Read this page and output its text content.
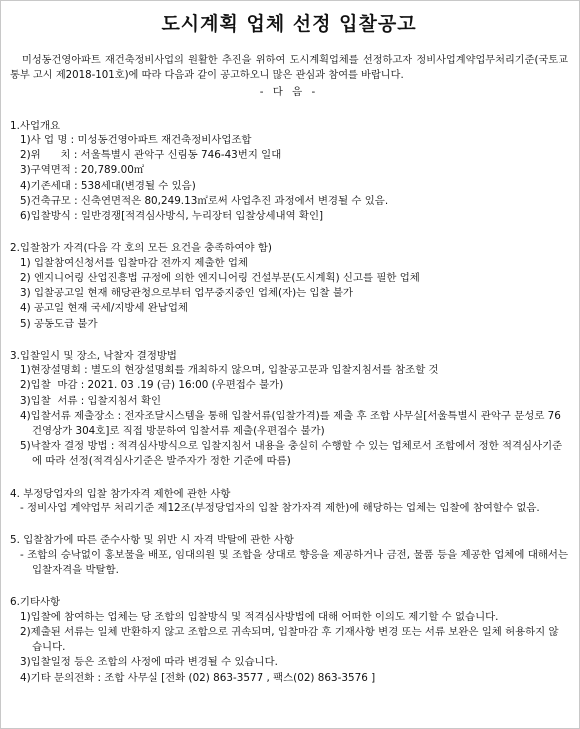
도시계획 업체 선정 입찰공고
미성동건영아파트 재건축정비사업의 원활한 추진을 위하여 도시계획업체를 선정하고자 정비사업계약업무처리기준(국토교통부 고시 제2018-101호)에 따라 다음과 같이 공고하오니 많은 관심과 참여를 바랍니다.
- 다 음 -
1.사업개요
1)사 업 명 : 미성동건영아파트 재건축정비사업조합
2)위      치 : 서울특별시 관악구 신림동 746-43번지 일대
3)구역면적 : 20,789.00㎡
4)기존세대 : 538세대(변경될 수 있음)
5)건축규모 : 신축연면적은 80,249.13㎡로써 사업추진 과정에서 변경될 수 있음.
6)입찰방식 : 일반경쟁[적격심사방식, 누리장터 입찰상세내역 확인]
2.입찰참가 자격(다음 각 호의 모든 요건을 충족하여야 함)
1) 입찰참여신청서를 입찰마감 전까지 제출한 업체
2) 엔지니어링 산업진흥법 규정에 의한 엔지니어링 건설부문(도시계획) 신고를 필한 업체
3) 입찰공고일 현재 해당관청으로부터 업무중지중인 업체(자)는 입찰 불가
4) 공고일 현재 국세/지방세 완납업체
5) 공동도급 불가
3.입찰일시 및 장소, 낙찰자 결정방법
1)현장설명회 : 별도의 현장설명회를 개최하지 않으며, 입찰공고문과 입찰지침서를 참조할 것
2)입찰  마감 : 2021. 03 .19 (금) 16:00 (우편접수 불가)
3)입찰  서류 : 입찰지침서 확인
4)입찰서류 제출장소 : 전자조달시스템을 통해 입찰서류(입찰가격)를 제출 후 조합 사무실[서울특별시 관악구 문성로 76 건영상가 304호]로 직접 방문하여 입찰서류 제출(우편접수 불가)
5)낙찰자 결정 방법 : 적격심사방식으로 입찰지침서 내용을 충실히 수행할 수 있는 업체로서 조합에서 정한 적격심사기준에 따라 선정(적격심사기준은 발주자가 정한 기준에 따름)
4. 부정당업자의 입찰 참가자격 제한에 관한 사항
- 정비사업 계약업무 처리기준 제12조(부정당업자의 입찰 참가자격 제한)에 해당하는 업체는 입찰에 참여할수 없음.
5. 입찰참가에 따른 준수사항 및 위반 시 자격 박탈에 관한 사항
- 조합의 승낙없이 홍보물을 배포, 임대의원 및 조합을 상대로 향응을 제공하거나 금전, 물품 등을 제공한 업체에 대해서는 입찰자격을 박탈함.
6.기타사항
1)입찰에 참여하는 업체는 당 조합의 입찰방식 및 적격심사방법에 대해 어떠한 이의도 제기할 수 없습니다.
2)제출된 서류는 일체 반환하지 않고 조합으로 귀속되며, 입찰마감 후 기재사항 변경 또는 서류 보완은 일체 허용하지 않습니다.
3)입찰일정 등은 조합의 사정에 따라 변경될 수 있습니다.
4)기타 문의전화 : 조합 사무실 [전화 (02) 863-3577 , 팩스(02) 863-3576 ]
